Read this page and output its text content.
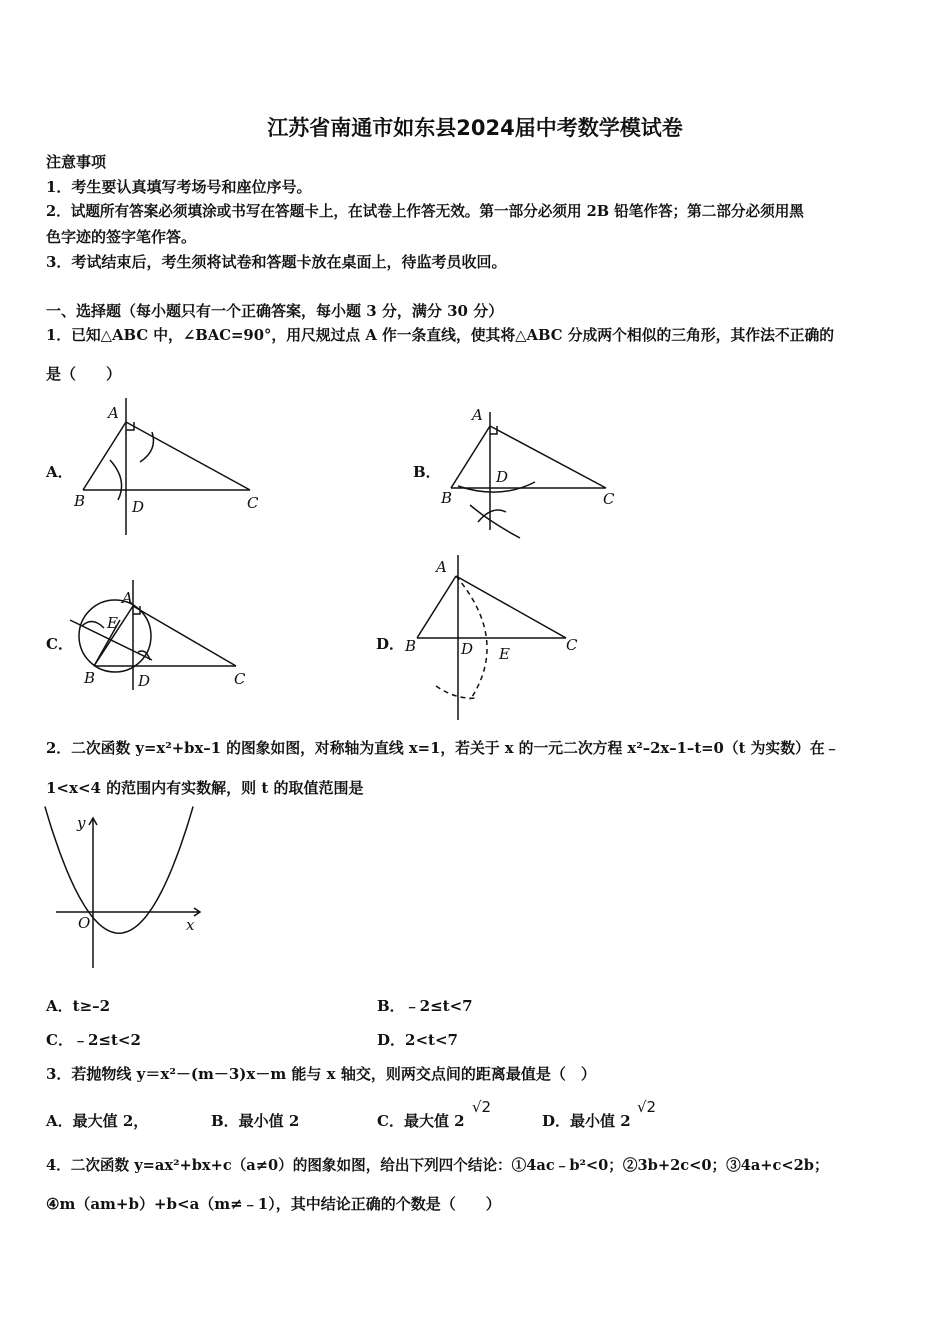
江苏省南通市如东县2024届中考数学模试卷
注意事项
1．考生要认真填写考场号和座位序号。
2．试题所有答案必须填涂或书写在答题卡上，在试卷上作答无效。第一部分必须用 2B 铅笔作答；第二部分必须用黑
色字迹的签字笔作答。
3．考试结束后，考生须将试卷和答题卡放在桌面上，待监考员收回。
一、选择题（每小题只有一个正确答案，每小题 3 分，满分 30 分）
1．已知△ABC 中，∠BAC=90°，用尺规过点 A 作一条直线，使其将△ABC 分成两个相似的三角形，其作法不正确的
是（　　）
A．
A
B	D	C
B．
A
B
D
C
C．
A
E
B	D	C
D．
A
B	D E	C
2．二次函数 y=x²+bx–1 的图象如图，对称轴为直线 x=1，若关于 x 的一元二次方程 x²–2x–1–t=0（t 为实数）在﹣
1<x<4 的范围内有实数解，则 t 的取值范围是
y
x
O
A．t≥–2	B．﹣2≤t<7
C．﹣2≤t<2	D．2<t<7
3．若抛物线 y＝x²－(m－3)x－m 能与 x 轴交，则两交点间的距离最值是（　）
A．最大值 2，	B．最小值 2	C．最大值 2
√2
D．最小值 2
√2
4．二次函数 y=ax²+bx+c（a≠0）的图象如图，给出下列四个结论：①4ac﹣b²<0；②3b+2c<0；③4a+c<2b；
④m（am+b）+b<a（m≠﹣1），其中结论正确的个数是（　　）
